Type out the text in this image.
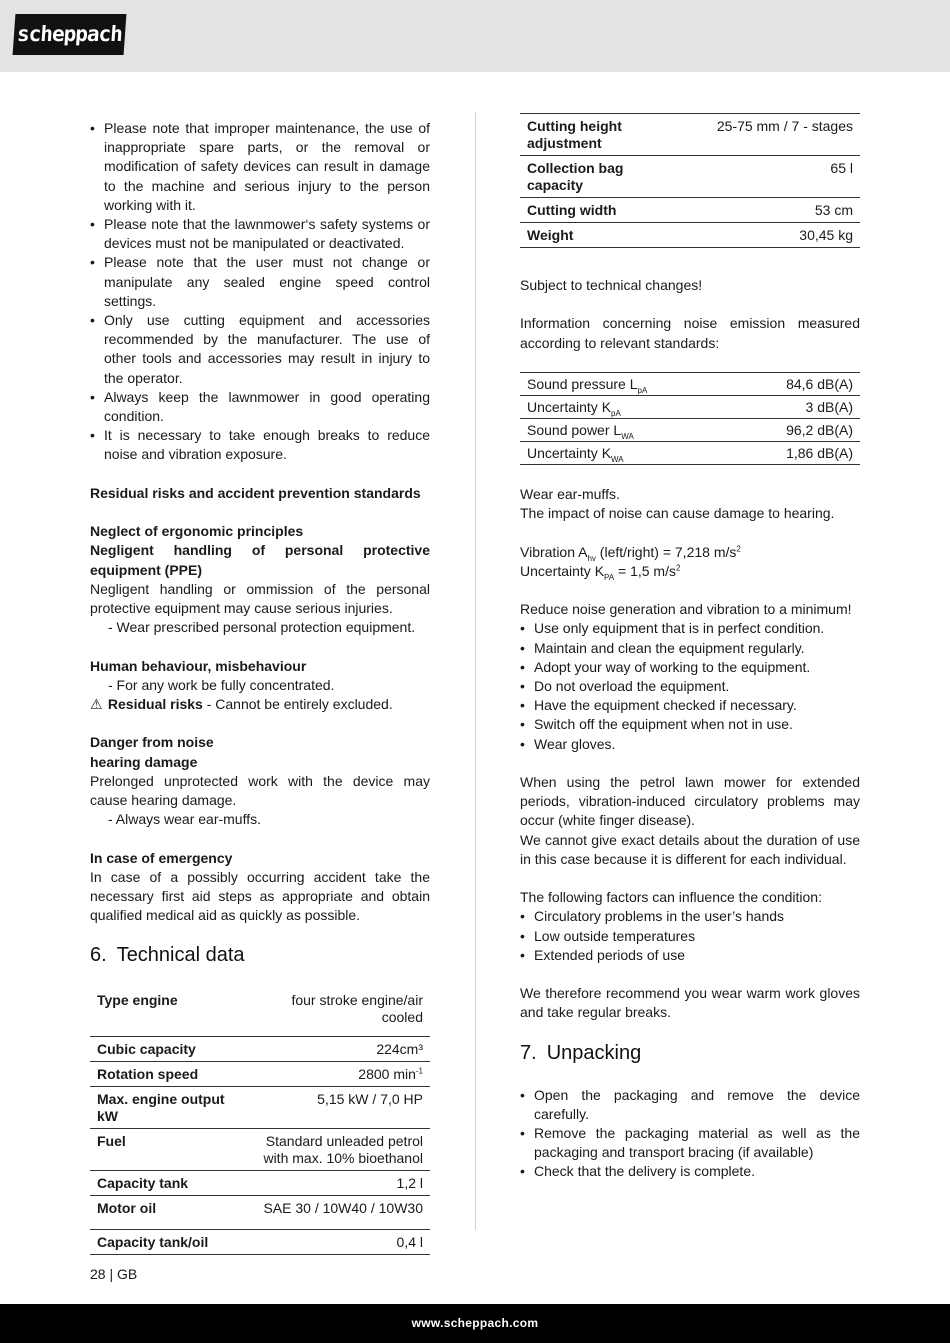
scheppach
• Please note that improper maintenance, the use of inappropriate spare parts, or the removal or modification of safety devices can result in damage to the machine and serious injury to the person working with it.
• Please note that the lawnmower‘s safety systems or devices must not be manipulated or deactivated.
• Please note that the user must not change or manipulate any sealed engine speed control settings.
• Only use cutting equipment and accessories recommended by the manufacturer. The use of other tools and accessories may result in injury to the operator.
• Always keep the lawnmower in good operating condition.
• It is necessary to take enough breaks to reduce noise and vibration exposure.

Residual risks and accident prevention standards

Neglect of ergonomic principles

Negligent handling of personal protective equipment (PPE)

Negligent handling or ommission of the personal protective equipment may cause serious injuries.

- Wear prescribed personal protection equipment.

Human behaviour, misbehaviour

- For any work be fully concentrated.

⚠ Residual risks - Cannot be entirely excluded.

Danger from noise

hearing damage

Prelonged unprotected work with the device may cause hearing damage.

- Always wear ear-muffs.

In case of emergency

In case of a possibly occurring accident take the necessary first aid steps as appropriate and obtain qualified medical aid as quickly as possible.

6. Technical data
Type engine	four stroke engine/air cooled
Cubic capacity	224cm³
Rotation speed	2800 $\min^{-1}$
Max. engine output kW	5,15 kW / 7,0 HP
Fuel	Standard unleaded petrol with max. 10% bioethanol
Capacity tank	1,2 l
Motor oil	SAE 30 / 10W40 / 10W30
Capacity tank/oil	0,4 l
Cutting height adjustment	25-75 mm / 7 - stages
Collection bag capacity	65 l
Cutting width	53 cm
Weight	30,45 kg

Subject to technical changes!

Information concerning noise emission measured according to relevant standards:

Sound pressure $L_{pA}$	84,6 dB(A)
Uncertainty $K_{pA}$	3 dB(A)
Sound power $L_{WA}$	96,2 dB(A)
Uncertainty $K_{WA}$	1,86 dB(A)

Wear ear-muffs.

The impact of noise can cause damage to hearing.

Vibration $A_{hv}$ (left/right) = 7,218 $m/s^2$

Uncertainty $K_{PA} = 1,5$ $m/s^2$

Reduce noise generation and vibration to a minimum!

• Use only equipment that is in perfect condition.
• Maintain and clean the equipment regularly.
• Adopt your way of working to the equipment.
• Do not overload the equipment.
• Have the equipment checked if necessary.
• Switch off the equipment when not in use.
• Wear gloves.

When using the petrol lawn mower for extended periods, vibration-induced circulatory problems may occur (white finger disease).

We cannot give exact details about the duration of use in this case because it is different for each individual.

The following factors can influence the condition:

• Circulatory problems in the user’s hands
• Low outside temperatures
• Extended periods of use

We therefore recommend you wear warm work gloves and take regular breaks.

7. Unpacking
• Open the packaging and remove the device carefully.
• Remove the packaging material as well as the packaging and transport bracing (if available)
• Check that the delivery is complete.
28 | GB
www.scheppach.com
